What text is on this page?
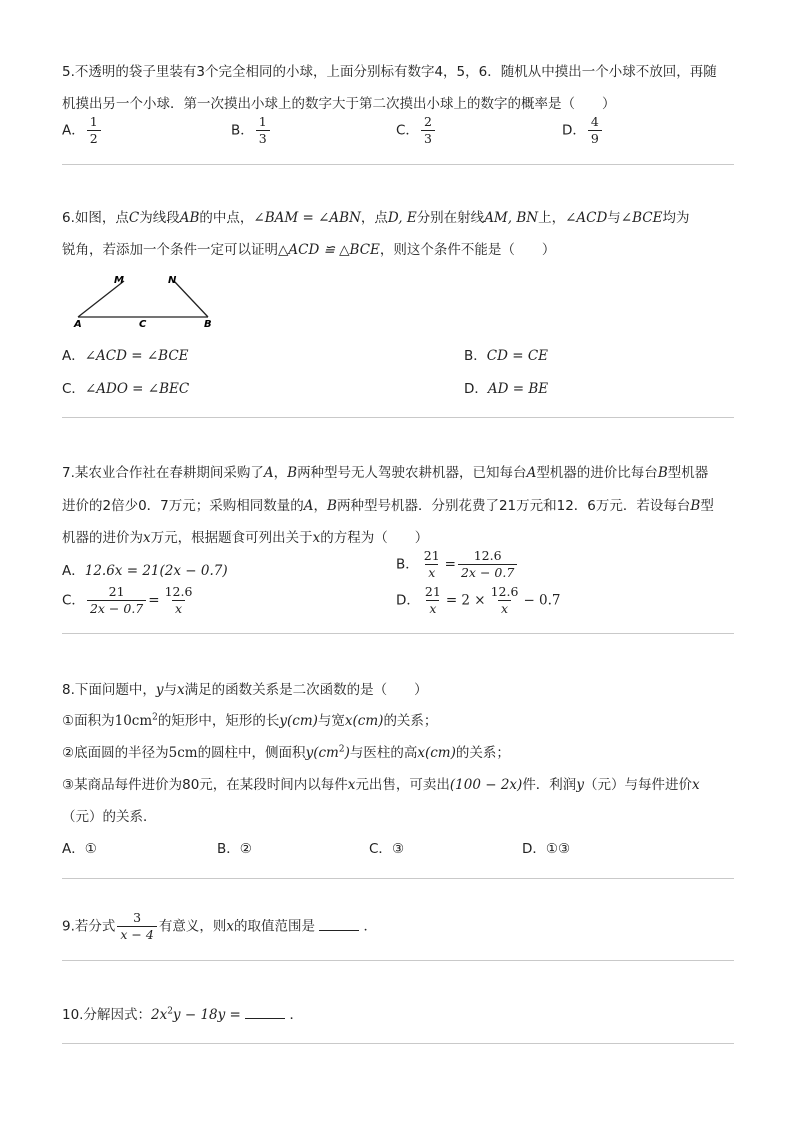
5.不透明的袋子里装有3个完全相同的小球，上面分别标有数字4，5，6．随机从中摸出一个小球不放回，再随
机摸出另一个小球．第一次摸出小球上的数字大于第二次摸出小球上的数字的概率是（　　）
A． $\frac{1}{2}$	B． $\frac{1}{3}$	C． $\frac{2}{3}$	D． $\frac{4}{9}$
6.如图，点C为线段AB的中点，∠BAM = ∠ABN，点D, E分别在射线AM, BN上，∠ACD与∠BCE均为
锐角，若添加一个条件一定可以证明△ACD ≌ △BCE，则这个条件不能是（　　）
M	N
A	C	B
A．∠ACD = ∠BCE	B．CD = CE
C．∠ADO = ∠BEC	D．AD = BE
7.某农业合作社在春耕期间采购了A，B两种型号无人驾驶农耕机器，已知每台A型机器的进价比每台B型机器
进价的2倍少0．7万元；采购相同数量的A，B两种型号机器．分别花费了21万元和12．6万元．若设每台B型
机器的进价为x万元，根据题食可列出关于x的方程为（　　）
A．12.6x = 21(2x − 0.7)	B． $\frac{21}{x} = \frac{12.6}{2x - 0.7}$
C． $\frac{21}{2x - 0.7} = \frac{12.6}{x}$	D． $\frac{21}{x} = 2 \times \frac{12.6}{x} - 0.7$
8.下面问题中，y与x满足的函数关系是二次函数的是（　　）
①面积为$10cm^2$的矩形中，矩形的长y(cm)与宽x(cm)的关系；
②底面圆的半径为5cm的圆柱中，侧面积$y(cm^2)$与医柱的高x(cm)的关系；
③某商品每件进价为80元，在某段时间内以每件x元出售，可卖出(100 − 2x)件．利润y（元）与每件进价x
（元）的关系．
A．①	B．②	C．③	D．①③
9.若分式 $\frac{3}{x - 4}$ 有意义，则x的取值范围是	．
10.分解因式：$2x^2y - 18y$ =	．
